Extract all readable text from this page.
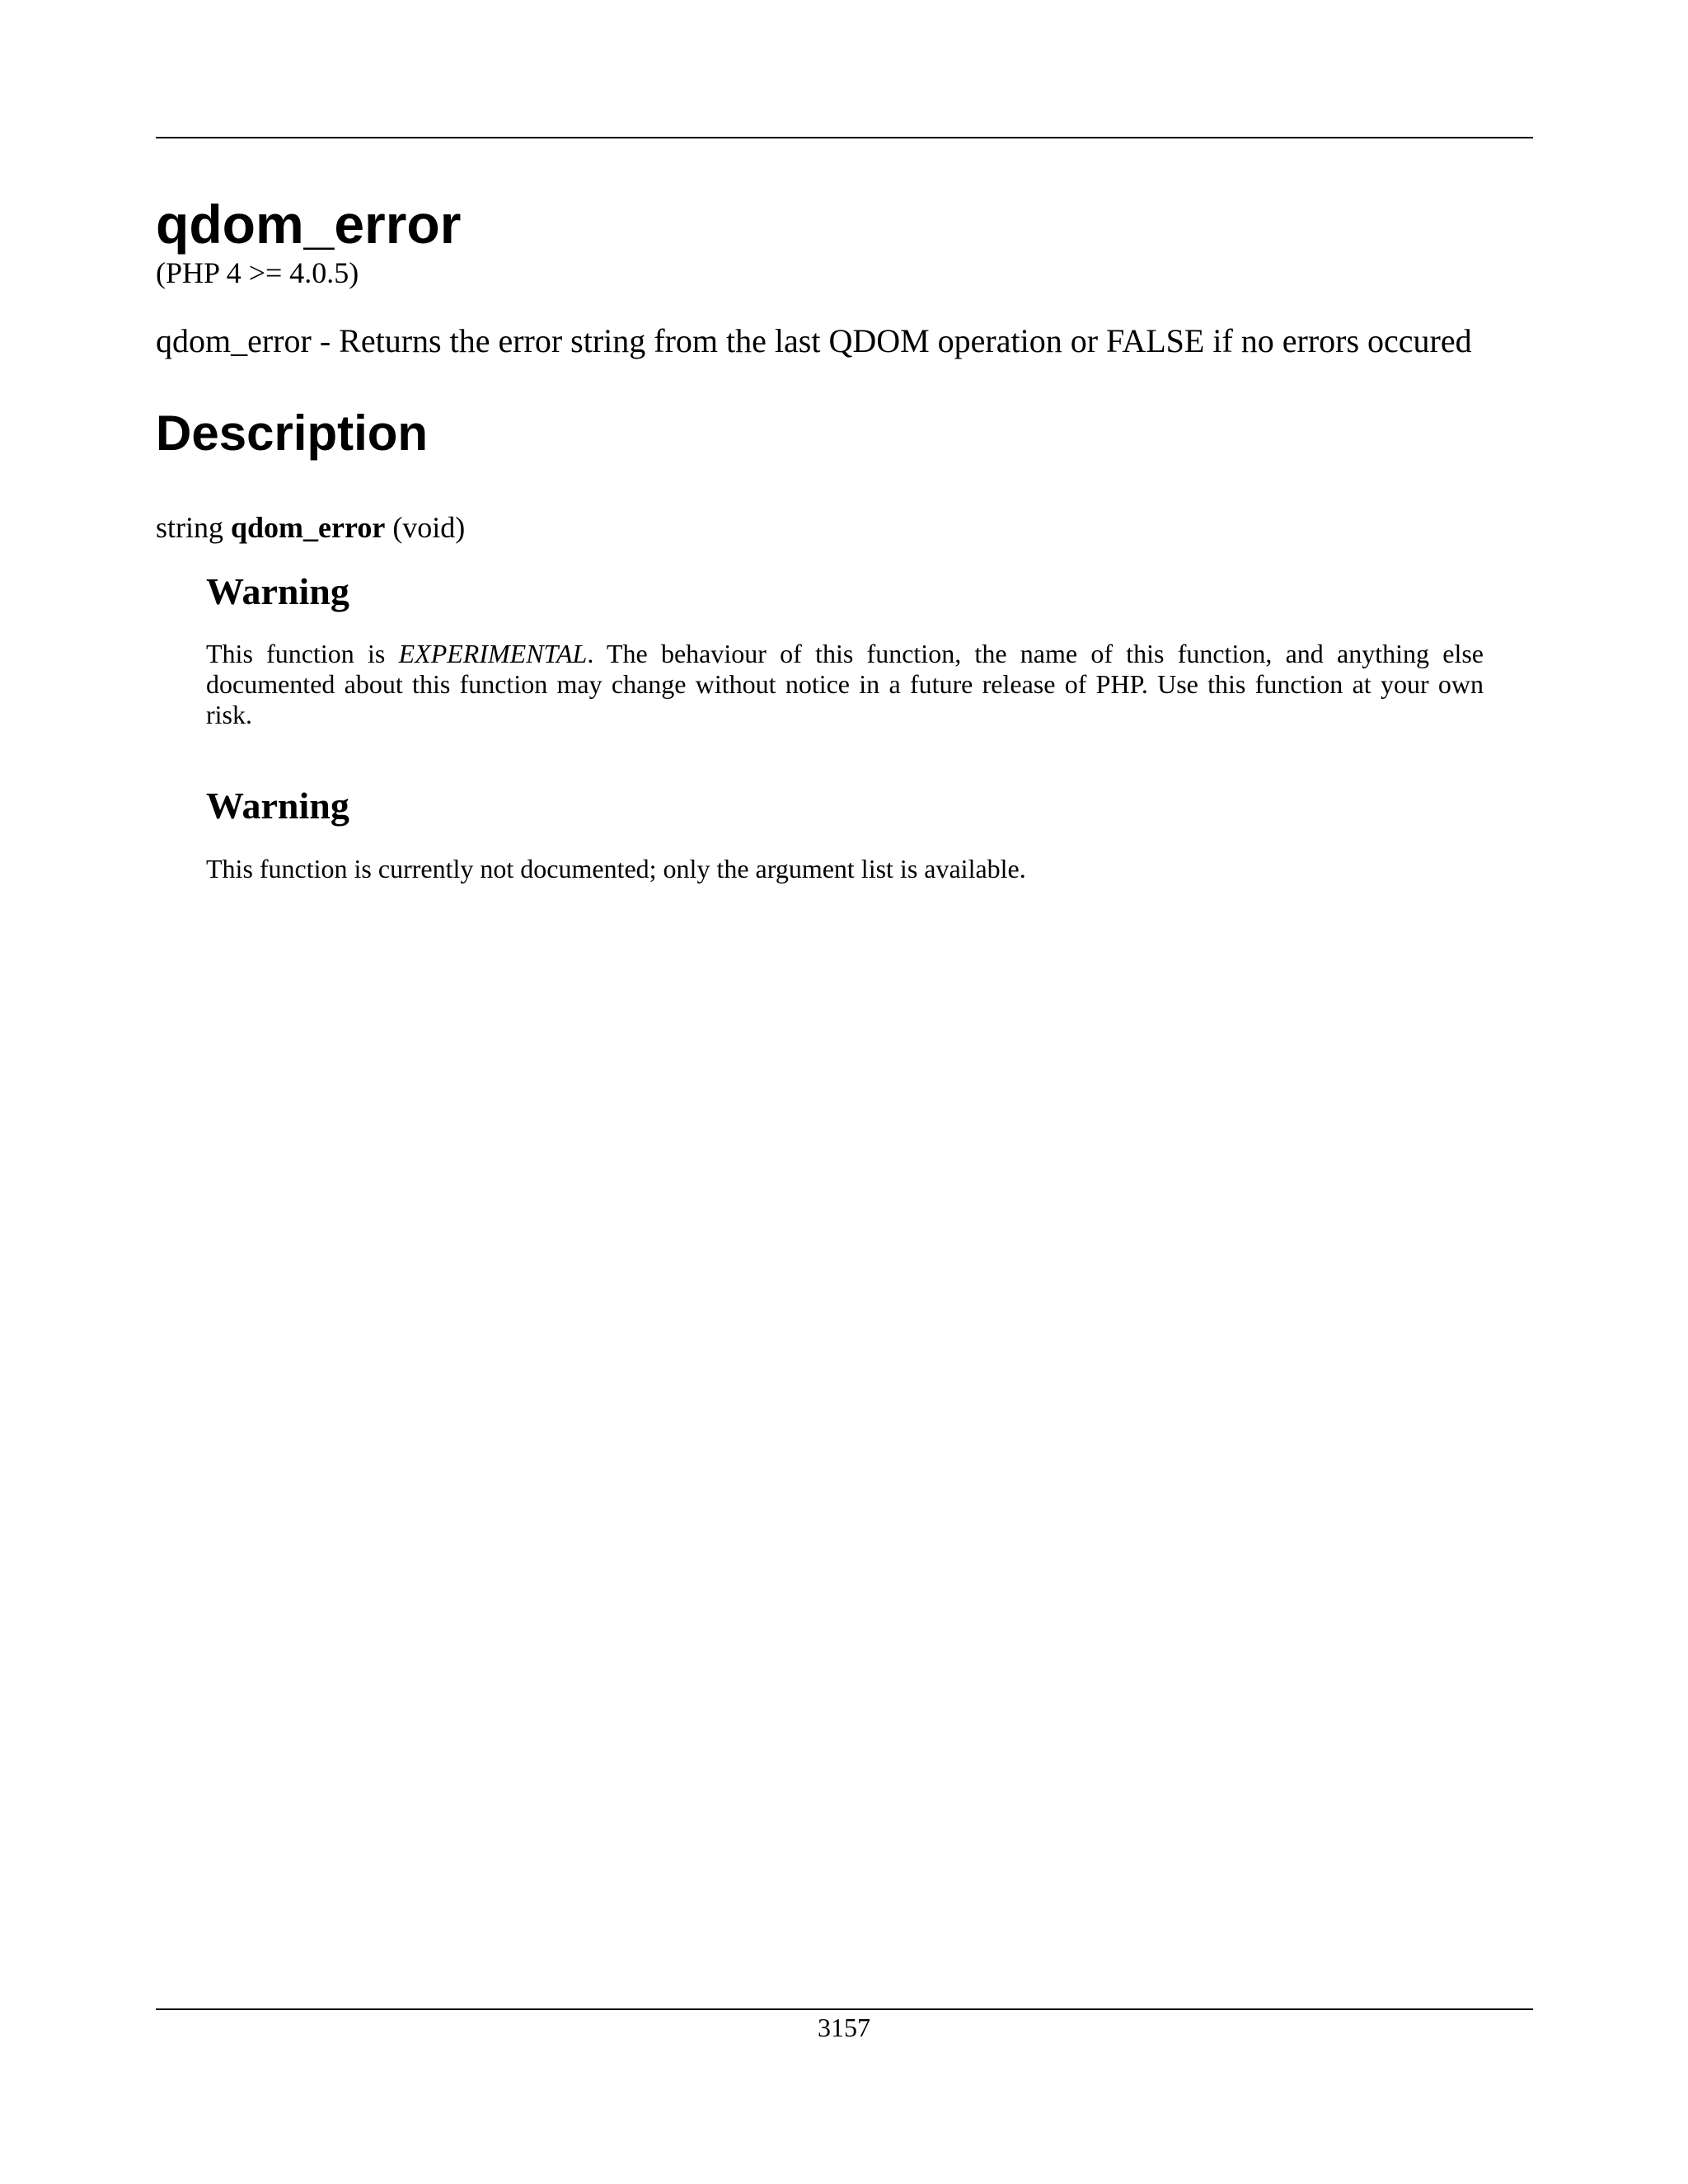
qdom_error
(PHP 4 >= 4.0.5)
qdom_error - Returns the error string from the last QDOM operation or FALSE if no errors occured
Description
string qdom_error (void)
Warning

This function is EXPERIMENTAL. The behaviour of this function, the name of this function, and anything else documented about this function may change without notice in a future release of PHP. Use this function at your own risk.

Warning

This function is currently not documented; only the argument list is available.

3157
